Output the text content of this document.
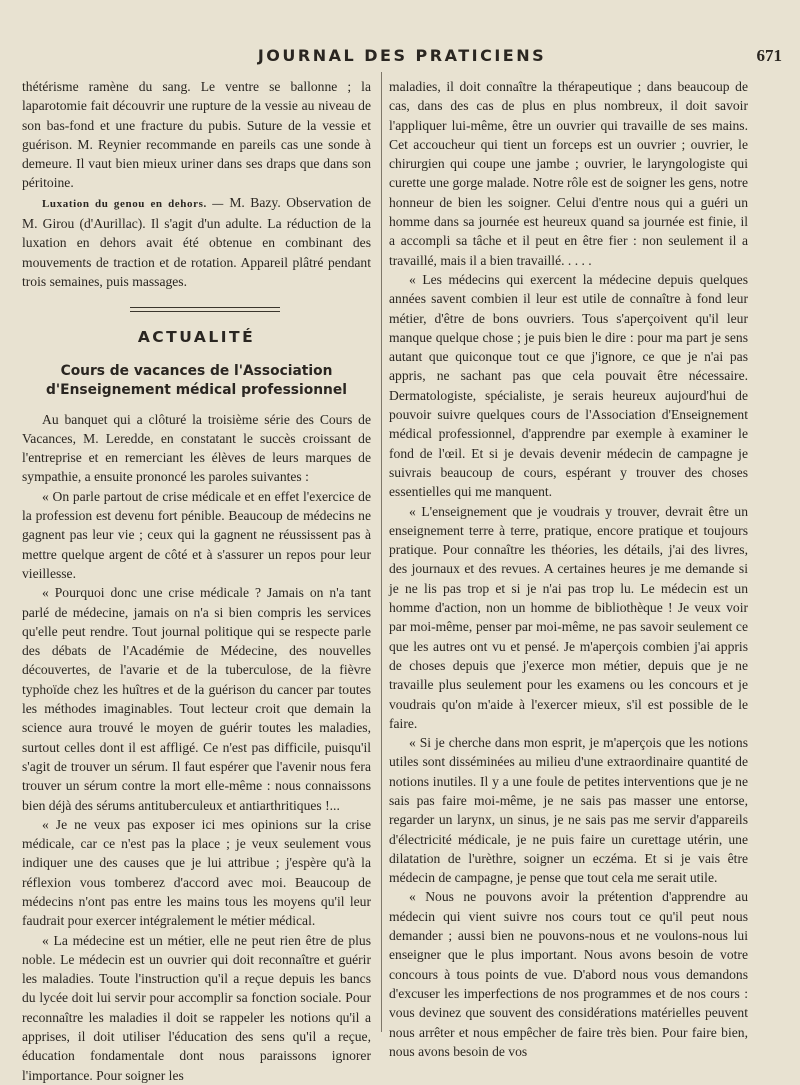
JOURNAL DES PRATICIENS	671

thétérisme ramène du sang. Le ventre se ballonne ; la laparotomie fait découvrir une rupture de la vessie au niveau de son bas-fond et une fracture du pubis. Suture de la vessie et guérison. M. Reynier recommande en pareils cas une sonde à demeure. Il vaut bien mieux uriner dans ses draps que dans son péritoine.

Luxation du genou en dehors. — M. Bazy. Observation de M. Girou (d'Aurillac). Il s'agit d'un adulte. La réduction de la luxation en dehors avait été obtenue en combinant des mouvements de traction et de rotation. Appareil plâtré pendant trois semaines, puis massages.

ACTUALITÉ
Cours de vacances de l'Association d'Enseignement médical professionnel

Au banquet qui a clôturé la troisième série des Cours de Vacances, M. Leredde, en constatant le succès croissant de l'entreprise et en remerciant les élèves de leurs marques de sympathie, a ensuite prononcé les paroles suivantes :

« On parle partout de crise médicale et en effet l'exercice de la profession est devenu fort pénible. Beaucoup de médecins ne gagnent pas leur vie ; ceux qui la gagnent ne réussissent pas à mettre quelque argent de côté et à s'assurer un repos pour leur vieillesse.

« Pourquoi donc une crise médicale ? Jamais on n'a tant parlé de médecine, jamais on n'a si bien compris les services qu'elle peut rendre. Tout journal politique qui se respecte parle des débats de l'Académie de Médecine, des nouvelles découvertes, de l'avarie et de la tuberculose, de la fièvre typhoïde chez les huîtres et de la guérison du cancer par toutes les méthodes imaginables. Tout lecteur croit que demain la science aura trouvé le moyen de guérir toutes les maladies, surtout celles dont il est affligé. Ce n'est pas difficile, puisqu'il s'agit de trouver un sérum. Il faut espérer que l'avenir nous fera trouver un sérum contre la mort elle-même : nous connaissons bien déjà des sérums antituberculeux et antiarthritiques !...

« Je ne veux pas exposer ici mes opinions sur la crise médicale, car ce n'est pas la place ; je veux seulement vous indiquer une des causes que je lui attribue ; j'espère qu'à la réflexion vous tomberez d'accord avec moi. Beaucoup de médecins n'ont pas entre les mains tous les moyens qu'il leur faudrait pour exercer intégralement le métier médical.

« La médecine est un métier, elle ne peut rien être de plus noble. Le médecin est un ouvrier qui doit reconnaître et guérir les maladies. Toute l'instruction qu'il a reçue depuis les bancs du lycée doit lui servir pour accomplir sa fonction sociale. Pour reconnaître les maladies il doit se rappeler les notions qu'il a apprises, il doit utiliser l'éducation des sens qu'il a reçue, éducation fondamentale dont nous paraissons ignorer l'importance. Pour soigner les

maladies, il doit connaître la thérapeutique ; dans beaucoup de cas, dans des cas de plus en plus nombreux, il doit savoir l'appliquer lui-même, être un ouvrier qui travaille de ses mains. Cet accoucheur qui tient un forceps est un ouvrier ; ouvrier, le chirurgien qui coupe une jambe ; ouvrier, le laryngologiste qui curette une gorge malade. Notre rôle est de soigner les gens, notre honneur de bien les soigner. Celui d'entre nous qui a guéri un homme dans sa journée est heureux quand sa journée est finie, il a accompli sa tâche et il peut en être fier : non seulement il a travaillé, mais il a bien travaillé. . . . .

« Les médecins qui exercent la médecine depuis quelques années savent combien il leur est utile de connaître à fond leur métier, d'être de bons ouvriers. Tous s'aperçoivent qu'il leur manque quelque chose ; je puis bien le dire : pour ma part je sens autant que quiconque tout ce que j'ignore, ce que je n'ai pas appris, ne sachant pas que cela pouvait être nécessaire. Dermatologiste, spécialiste, je serais heureux aujourd'hui de pouvoir suivre quelques cours de l'Association d'Enseignement médical professionnel, d'apprendre par exemple à examiner le fond de l'œil. Et si je devais devenir médecin de campagne je suivrais beaucoup de cours, espérant y trouver des choses essentielles qui me manquent.

« L'enseignement que je voudrais y trouver, devrait être un enseignement terre à terre, pratique, encore pratique et toujours pratique. Pour connaître les théories, les détails, j'ai des livres, des journaux et des revues. A certaines heures je me demande si je ne lis pas trop et si je n'ai pas trop lu. Le médecin est un homme d'action, non un homme de bibliothèque ! Je veux voir par moi-même, penser par moi-même, ne pas savoir seulement ce que les autres ont vu et pensé. Je m'aperçois combien j'ai appris de choses depuis que j'exerce mon métier, depuis que je ne travaille plus seulement pour les examens ou les concours et je voudrais qu'on m'aide à l'exercer mieux, s'il est possible de le faire.

« Si je cherche dans mon esprit, je m'aperçois que les notions utiles sont disséminées au milieu d'une extraordinaire quantité de notions inutiles. Il y a une foule de petites interventions que je ne sais pas faire moi-même, je ne sais pas masser une entorse, regarder un larynx, un sinus, je ne sais pas me servir d'appareils d'électricité médicale, je ne puis faire un curettage utérin, une dilatation de l'urèthre, soigner un eczéma. Et si je vais être médecin de campagne, je pense que tout cela me serait utile.

« Nous ne pouvons avoir la prétention d'apprendre au médecin qui vient suivre nos cours tout ce qu'il peut nous demander ; aussi bien ne pouvons-nous et ne voulons-nous lui enseigner que le plus important. Nous avons besoin de votre concours à tous points de vue. D'abord nous vous demandons d'excuser les imperfections de nos programmes et de nos cours : vous devinez que souvent des considérations matérielles peuvent nous arrêter et nous empêcher de faire très bien. Pour faire bien, nous avons besoin de vos
